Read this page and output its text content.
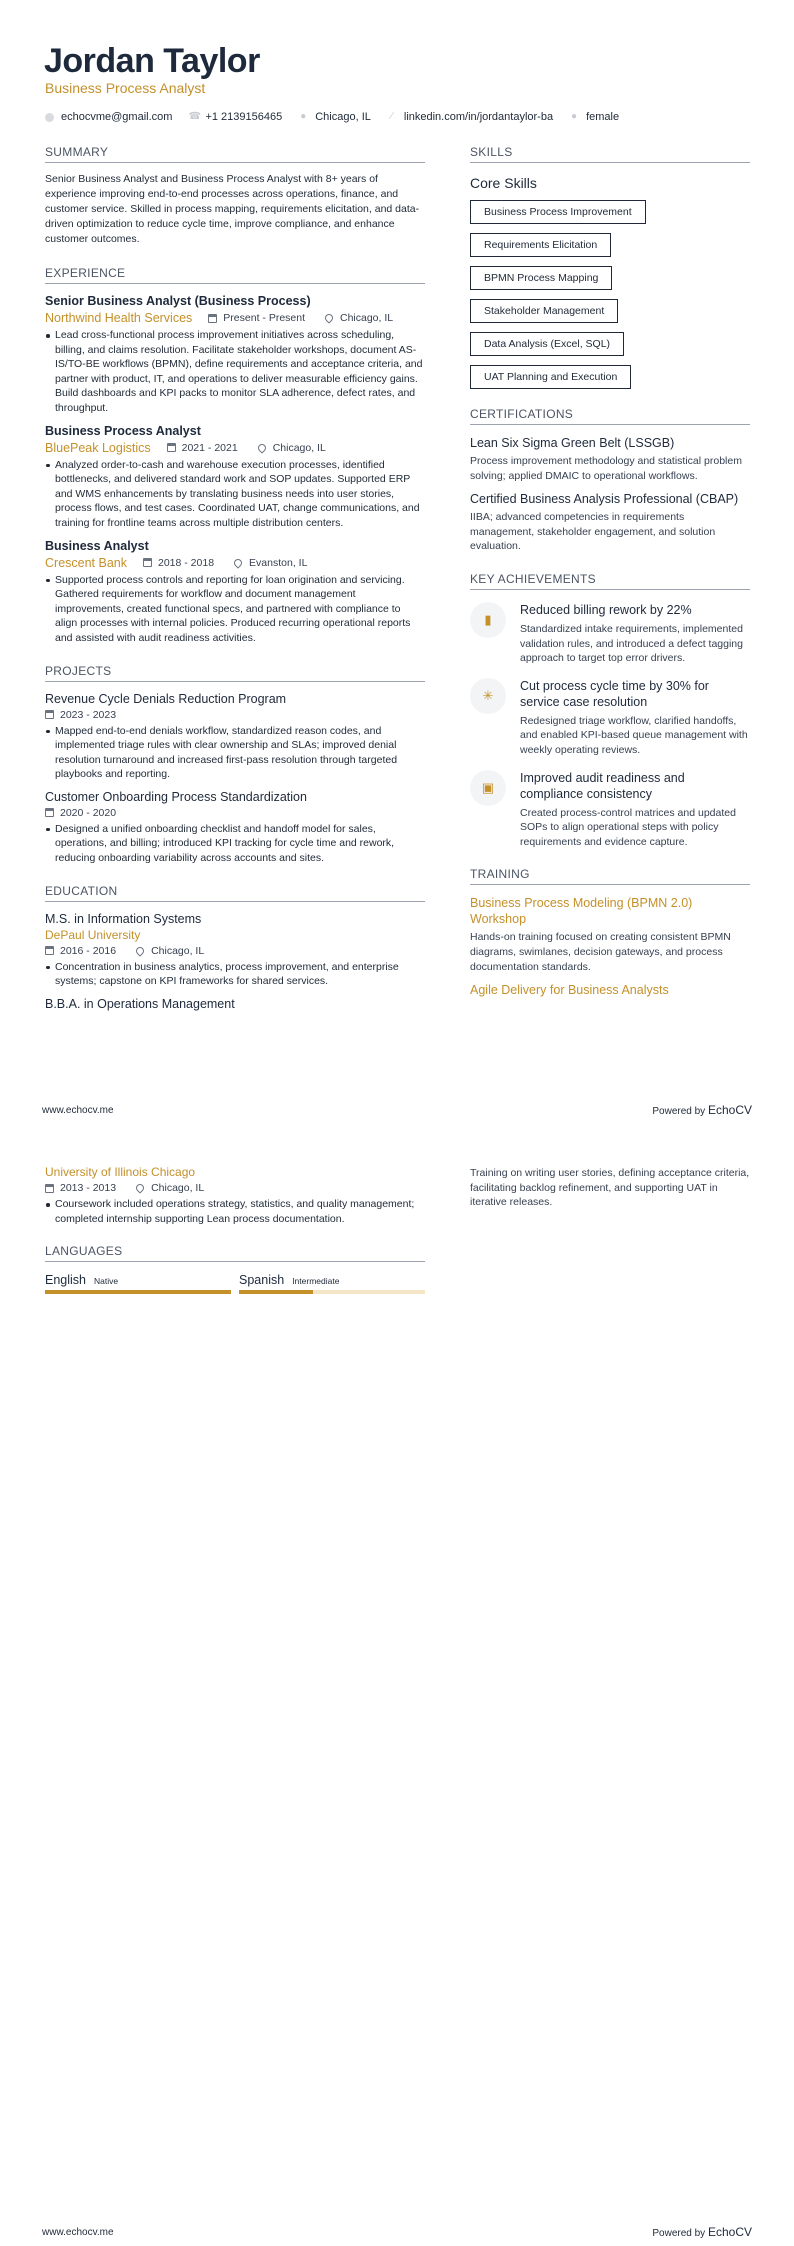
Jordan Taylor
Business Process Analyst
echocvme@gmail.com ☎ +1 2139156465 ● Chicago, IL	∕	linkedin.com/in/jordantaylor-ba ● female
SUMMARY
Senior Business Analyst and Business Process Analyst with 8+ years of experience improving end-to-end processes across operations, finance, and customer service. Skilled in process mapping, requirements elicitation, and data-driven optimization to reduce cycle time, improve compliance, and enhance customer outcomes.
EXPERIENCE
Senior Business Analyst (Business Process)
Northwind Health Services	Present - Present	Chicago, IL
Lead cross-functional process improvement initiatives across scheduling, billing, and claims resolution. Facilitate stakeholder workshops, document AS-IS/TO-BE workflows (BPMN), define requirements and acceptance criteria, and partner with product, IT, and operations to deliver measurable efficiency gains. Build dashboards and KPI packs to monitor SLA adherence, defect rates, and throughput.
Business Process Analyst
BluePeak Logistics	2021 - 2021	Chicago, IL
Analyzed order-to-cash and warehouse execution processes, identified bottlenecks, and delivered standard work and SOP updates. Supported ERP and WMS enhancements by translating business needs into user stories, process flows, and test cases. Coordinated UAT, change communications, and training for frontline teams across multiple distribution centers.
Business Analyst
Crescent Bank	2018 - 2018	Evanston, IL
Supported process controls and reporting for loan origination and servicing. Gathered requirements for workflow and document management improvements, created functional specs, and partnered with compliance to align processes with internal policies. Produced recurring operational reports and assisted with audit readiness activities.
PROJECTS
Revenue Cycle Denials Reduction Program
2023 - 2023
Mapped end-to-end denials workflow, standardized reason codes, and implemented triage rules with clear ownership and SLAs; improved denial resolution turnaround and increased first-pass resolution through targeted playbooks and reporting.
Customer Onboarding Process Standardization
2020 - 2020
Designed a unified onboarding checklist and handoff model for sales, operations, and billing; introduced KPI tracking for cycle time and rework, reducing onboarding variability across accounts and sites.
EDUCATION
M.S. in Information Systems
DePaul University
2016 - 2016	Chicago, IL
Concentration in business analytics, process improvement, and enterprise systems; capstone on KPI frameworks for shared services.
B.B.A. in Operations Management
SKILLS
Core Skills
Business Process Improvement
Requirements Elicitation
BPMN Process Mapping
Stakeholder Management
Data Analysis (Excel, SQL)
UAT Planning and Execution
CERTIFICATIONS
Lean Six Sigma Green Belt (LSSGB)
Process improvement methodology and statistical problem solving; applied DMAIC to operational workflows.
Certified Business Analysis Professional (CBAP)
IIBA; advanced competencies in requirements management, stakeholder engagement, and solution evaluation.
KEY ACHIEVEMENTS
▮
Reduced billing rework by 22%
Standardized intake requirements, implemented validation rules, and introduced a defect tagging approach to target top error drivers.
✳
Cut process cycle time by 30% for service case resolution
Redesigned triage workflow, clarified handoffs, and enabled KPI-based queue management with weekly operating reviews.
▣
Improved audit readiness and compliance consistency
Created process-control matrices and updated SOPs to align operational steps with policy requirements and evidence capture.
TRAINING
Business Process Modeling (BPMN 2.0) Workshop
Hands-on training focused on creating consistent BPMN diagrams, swimlanes, decision gateways, and process documentation standards.
Agile Delivery for Business Analysts
www.echocv.me	Powered by EchoCV
University of Illinois Chicago
2013 - 2013	Chicago, IL
Coursework included operations strategy, statistics, and quality management; completed internship supporting Lean process documentation.
LANGUAGES
English Native	Spanish Intermediate
Training on writing user stories, defining acceptance criteria, facilitating backlog refinement, and supporting UAT in iterative releases.
www.echocv.me	Powered by EchoCV
